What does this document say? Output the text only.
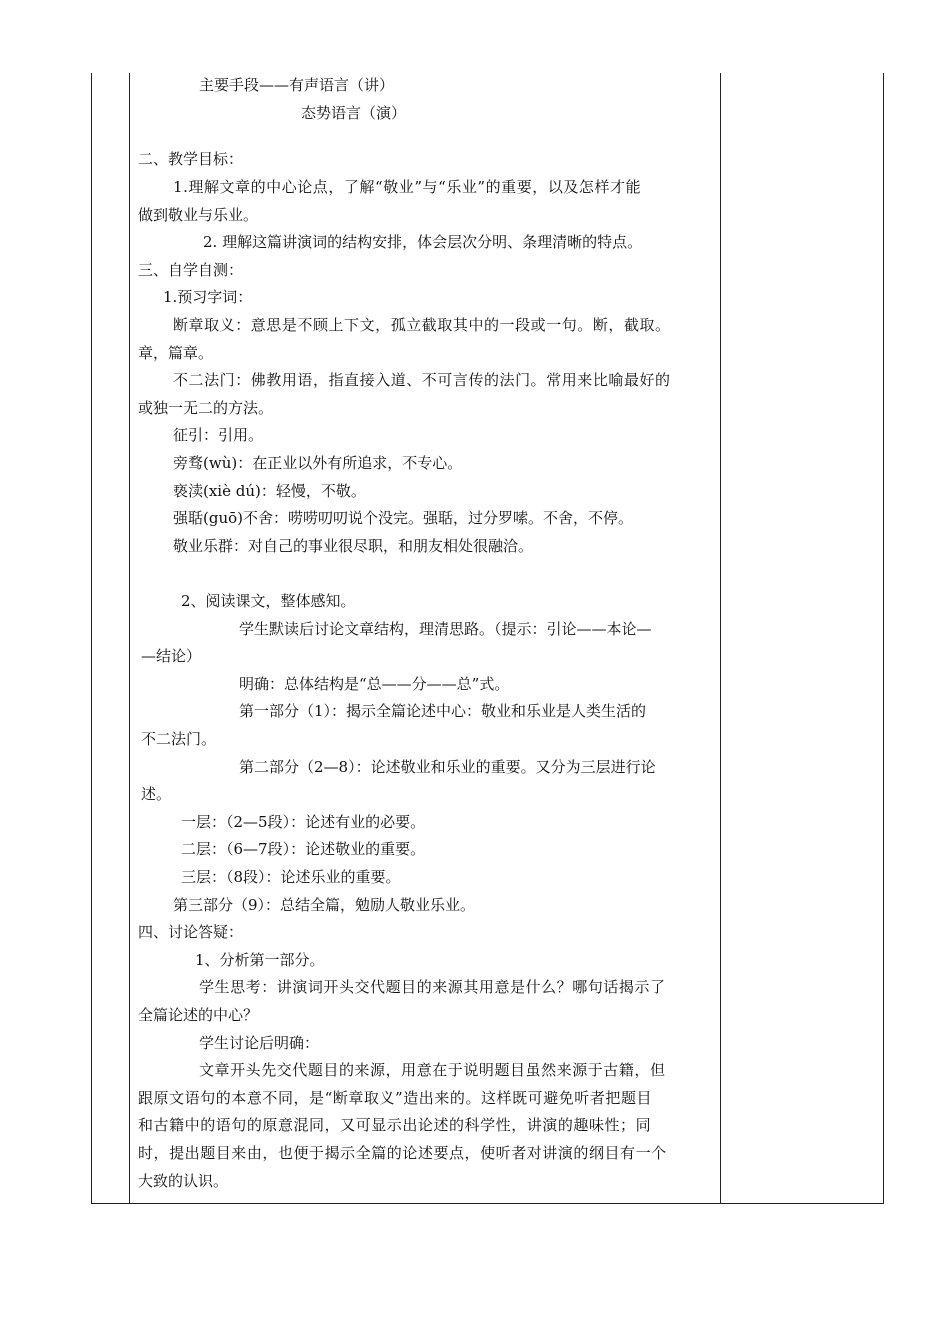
主要手段——有声语言（讲）
态势语言（演）
二、教学目标：
1.理解文章的中心论点，了解“敬业”与“乐业”的重要，以及怎样才能
做到敬业与乐业。
2. 理解这篇讲演词的结构安排，体会层次分明、条理清晰的特点。
三、自学自测：
1.预习字词：
断章取义：意思是不顾上下文，孤立截取其中的一段或一句。断，截取。
章，篇章。
不二法门：佛教用语，指直接入道、不可言传的法门。常用来比喻最好的
或独一无二的方法。
征引：引用。
旁骛(wù)：在正业以外有所追求，不专心。
亵渎(xiè dú)：轻慢，不敬。
强聒(guō)不舍：唠唠叨叨说个没完。强聒，过分罗嗦。不舍，不停。
敬业乐群：对自己的事业很尽职，和朋友相处很融洽。
2、阅读课文，整体感知。
学生默读后讨论文章结构，理清思路。（提示：引论——本论—
—结论）
明确：总体结构是“总——分——总”式。
第一部分（1）：揭示全篇论述中心：敬业和乐业是人类生活的
不二法门。
第二部分（2—8）：论述敬业和乐业的重要。又分为三层进行论
述。
一层：（2—5段）：论述有业的必要。
二层：（6—7段）：论述敬业的重要。
三层：（8段）：论述乐业的重要。
第三部分（9）：总结全篇，勉励人敬业乐业。
四、讨论答疑：
1、分析第一部分。
学生思考：讲演词开头交代题目的来源其用意是什么？哪句话揭示了
全篇论述的中心？
学生讨论后明确：
文章开头先交代题目的来源，用意在于说明题目虽然来源于古籍，但
跟原文语句的本意不同，是“断章取义”造出来的。这样既可避免听者把题目
和古籍中的语句的原意混同，又可显示出论述的科学性，讲演的趣味性；同
时，提出题目来由，也便于揭示全篇的论述要点，使听者对讲演的纲目有一个
大致的认识。
